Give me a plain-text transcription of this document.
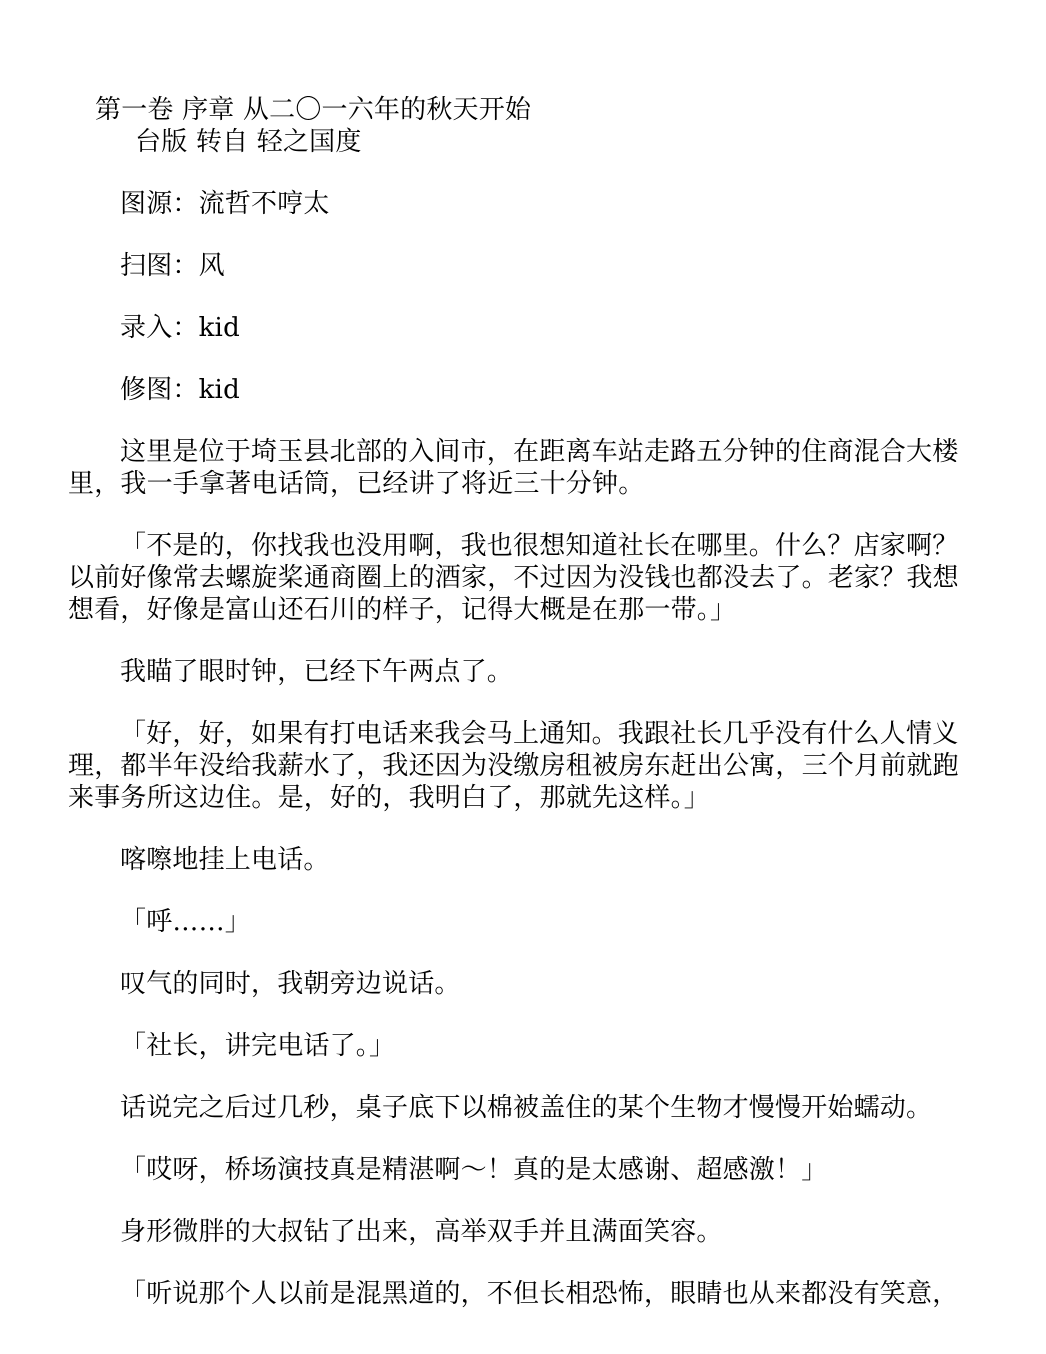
第一卷 序章 从二〇一六年的秋天开始
台版 转自 轻之国度
图源：流哲不哼太
扫图：风
录入：kid
修图：kid
这里是位于埼玉县北部的入间市，在距离车站走路五分钟的住商混合大楼
里，我一手拿著电话筒，已经讲了将近三十分钟。
「不是的，你找我也没用啊，我也很想知道社长在哪里。什么？店家啊？
以前好像常去螺旋桨通商圈上的酒家，不过因为没钱也都没去了。老家？我想
想看，好像是富山还石川的样子，记得大概是在那一带。」
我瞄了眼时钟，已经下午两点了。
「好，好，如果有打电话来我会马上通知。我跟社长几乎没有什么人情义
理，都半年没给我薪水了，我还因为没缴房租被房东赶出公寓，三个月前就跑
来事务所这边住。是，好的，我明白了，那就先这样。」
喀嚓地挂上电话。
「呼……」
叹气的同时，我朝旁边说话。
「社长，讲完电话了。」
话说完之后过几秒，桌子底下以棉被盖住的某个生物才慢慢开始蠕动。
「哎呀，桥场演技真是精湛啊～！真的是太感谢、超感激！」
身形微胖的大叔钻了出来，高举双手并且满面笑容。
「听说那个人以前是混黑道的，不但长相恐怖，眼睛也从来都没有笑意，
